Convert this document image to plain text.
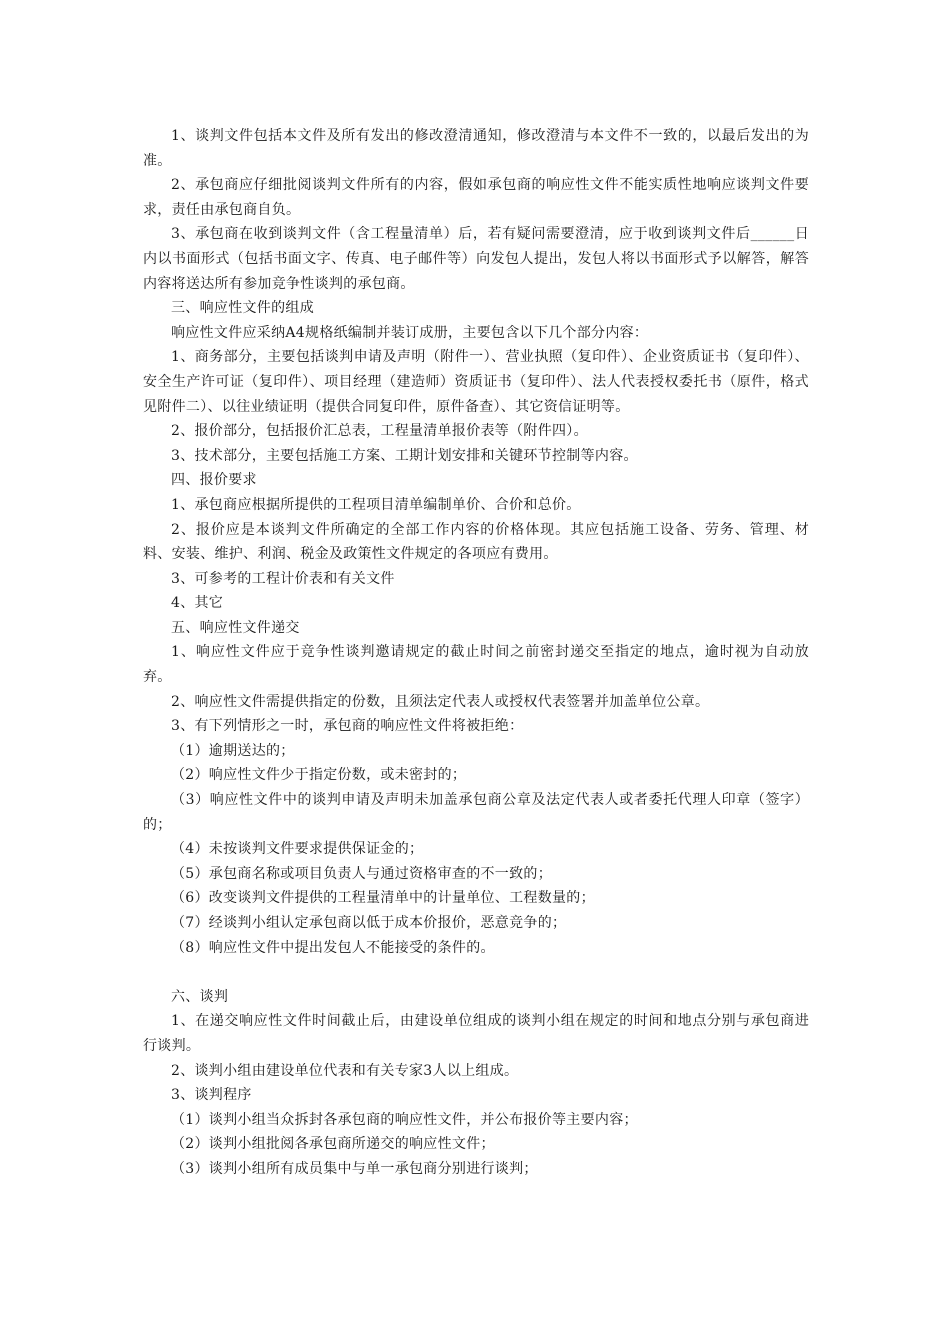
1、谈判文件包括本文件及所有发出的修改澄清通知，修改澄清与本文件不一致的，以最后发出的为准。

2、承包商应仔细批阅谈判文件所有的内容，假如承包商的响应性文件不能实质性地响应谈判文件要求，责任由承包商自负。

3、承包商在收到谈判文件（含工程量清单）后，若有疑问需要澄清，应于收到谈判文件后______日内以书面形式（包括书面文字、传真、电子邮件等）向发包人提出，发包人将以书面形式予以解答，解答内容将送达所有参加竞争性谈判的承包商。

三、响应性文件的组成

响应性文件应采纳A4规格纸编制并装订成册，主要包含以下几个部分内容：

1、商务部分，主要包括谈判申请及声明（附件一）、营业执照（复印件）、企业资质证书（复印件）、安全生产许可证（复印件）、项目经理（建造师）资质证书（复印件）、法人代表授权委托书（原件，格式见附件二）、以往业绩证明（提供合同复印件，原件备查）、其它资信证明等。

2、报价部分，包括报价汇总表，工程量清单报价表等（附件四）。

3、技术部分，主要包括施工方案、工期计划安排和关键环节控制等内容。

四、报价要求

1、承包商应根据所提供的工程项目清单编制单价、合价和总价。

2、报价应是本谈判文件所确定的全部工作内容的价格体现。其应包括施工设备、劳务、管理、材料、安装、维护、利润、税金及政策性文件规定的各项应有费用。

3、可参考的工程计价表和有关文件

4、其它

五、响应性文件递交

1、响应性文件应于竞争性谈判邀请规定的截止时间之前密封递交至指定的地点，逾时视为自动放弃。

2、响应性文件需提供指定的份数，且须法定代表人或授权代表签署并加盖单位公章。

3、有下列情形之一时，承包商的响应性文件将被拒绝：

（1）逾期送达的；

（2）响应性文件少于指定份数，或未密封的；

（3）响应性文件中的谈判申请及声明未加盖承包商公章及法定代表人或者委托代理人印章（签字）的；

（4）未按谈判文件要求提供保证金的；

（5）承包商名称或项目负责人与通过资格审查的不一致的；

（6）改变谈判文件提供的工程量清单中的计量单位、工程数量的；

（7）经谈判小组认定承包商以低于成本价报价，恶意竞争的；

（8）响应性文件中提出发包人不能接受的条件的。

六、谈判

1、在递交响应性文件时间截止后，由建设单位组成的谈判小组在规定的时间和地点分别与承包商进行谈判。

2、谈判小组由建设单位代表和有关专家3人以上组成。

3、谈判程序

（1）谈判小组当众拆封各承包商的响应性文件，并公布报价等主要内容；

（2）谈判小组批阅各承包商所递交的响应性文件；

（3）谈判小组所有成员集中与单一承包商分别进行谈判；
